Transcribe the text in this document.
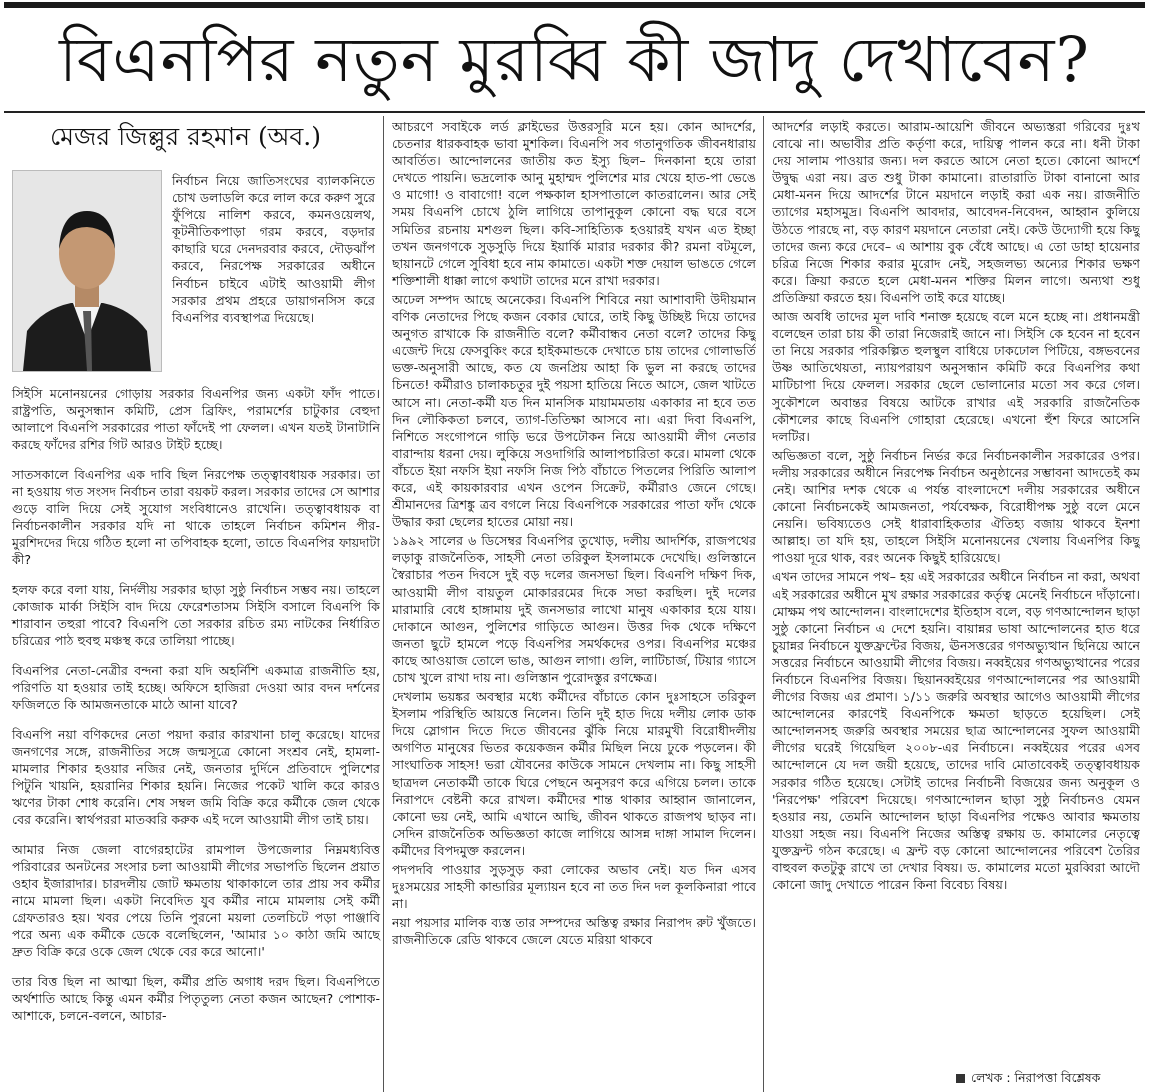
বিএনপির নতুন মুরব্বি কী জাদু দেখাবেন?
মেজর জিল্লুর রহমান (অব.)
নির্বাচন নিয়ে জাতিসংঘের ব্যালকনিতে চোখ ডলাডলি করে লাল করে করুণ সুরে ফুঁপিয়ে নালিশ করবে, কমনওয়েলথ, কূটনীতিকপাড়া গরম করবে, বড়দার কাছারি ঘরে দেনদরবার করবে, দৌড়ঝাঁপ করবে, নিরপেক্ষ সরকারের অধীনে নির্বাচন চাইবে এটাই আওয়ামী লীগ সরকার প্রথম প্রহরে ডায়াগনসিস করে বিএনপির ব্যবস্থাপত্র দিয়েছে।

সিইসি মনোনয়নের গোড়ায় সরকার বিএনপির জন্য একটা ফাঁদ পাতে। রাষ্ট্রপতি, অনুসন্ধান কমিটি, প্রেস ব্রিফিং, পরামর্শের চাটুকার বেহুদা আলাপে বিএনপি সরকারের পাতা ফাঁদেই পা ফেলল। এখন যতই টানাটানি করছে ফাঁদের রশির গিট আরও টাইট হচ্ছে।

সাতসকালে বিএনপির এক দাবি ছিল নিরপেক্ষ তত্ত্বাবধায়ক সরকার। তা না হওয়ায় গত সংসদ নির্বাচন তারা বয়কট করল। সরকার তাদের সে আশার গুড়ে বালি দিয়ে সেই সুযোগ সংবিধানেও রাখেনি। তত্ত্বাবধায়ক বা নির্বাচনকালীন সরকার যদি না থাকে তাহলে নির্বাচন কমিশন পীর-মুরশিদদের দিয়ে গঠিত হলো না তপিবাহক হলো, তাতে বিএনপির ফায়দাটা কী?

হলফ করে বলা যায়, নির্দলীয় সরকার ছাড়া সুষ্ঠু নির্বাচন সম্ভব নয়। তাহলে কোজাক মার্কা সিইসি বাদ দিয়ে ফেরেশতাসম সিইসি বসালে বিএনপি কি শারাবান তহুরা পাবে? বিএনপি তো সরকার রচিত রম্য নাটকের নির্ধারিত চরিত্রের পাঠ হুবহু মঞ্চস্থ করে তালিয়া পাচ্ছে।

বিএনপির নেতা-নেত্রীর বন্দনা করা যদি অহর্নিশি একমাত্র রাজনীতি হয়, পরিণতি যা হওয়ার তাই হচ্ছে। অফিসে হাজিরা দেওয়া আর বদন দর্শনের ফজিলতে কি আমজনতাকে মাঠে আনা যাবে?

বিএনপি নয়া বণিকদের নেতা পয়দা করার কারখানা চালু করেছে। যাদের জনগণের সঙ্গে, রাজনীতির সঙ্গে জন্মসূত্রে কোনো সংশ্রব নেই, হামলা-মামলার শিকার হওয়ার নজির নেই, জনতার দুর্দিনে প্রতিবাদে পুলিশের পিটুনি খায়নি, হয়রানির শিকার হয়নি। নিজের পকেট খালি করে কারও ঋণের টাকা শোধ করেনি। শেষ সম্বল জমি বিক্রি করে কর্মীকে জেল থেকে বের করেনি। স্বার্থপররা মাতব্বরি করুক এই দলে আওয়ামী লীগ তাই চায়।

আমার নিজ জেলা বাগেরহাটের রামপাল উপজেলার নিম্নমধ্যবিত্ত পরিবারের অনটনের সংসার চলা আওয়ামী লীগের সভাপতি ছিলেন প্রয়াত ওহাব ইজারাদার। চারদলীয় জোট ক্ষমতায় থাকাকালে তার প্রায় সব কর্মীর নামে মামলা ছিল। একটা নিবেদিত যুব কর্মীর নামে মামলায় সেই কর্মী গ্রেফতারও হয়। খবর পেয়ে তিনি পুরনো ময়লা তেলচিটে পড়া পাঞ্জাবি পরে অন্য এক কর্মীকে ডেকে বলেছিলেন, 'আমার ১০ কাঠা জমি আছে দ্রুত বিক্রি করে ওকে জেল থেকে বের করে আনো।'

তার বিত্ত ছিল না আত্মা ছিল, কর্মীর প্রতি অগাধ দরদ ছিল। বিএনপিতে অর্থশাতি আছে কিন্তু এমন কর্মীর পিতৃতুল্য নেতা কজন আছেন? পোশাক-আশাকে, চলনে-বলনে, আচার-

আচরণে সবাইকে লর্ড ক্লাইভের উত্তরসূরি মনে হয়। কোন আদর্শের, চেতনার ধারকবাহক ভাবা মুশকিল। বিএনপি সব গতানুগতিক জীবনধারায় আবর্তিত। আন্দোলনের জাতীয় কত ইস্যু ছিল– দিনকানা হয়ে তারা দেখতে পায়নি। ভদ্রলোক আনু মুহাম্মদ পুলিশের মার খেয়ে হাত-পা ভেঙে ও মাগো! ও বাবাগো! বলে পক্ষকাল হাসপাতালে কাতরালেন। আর সেই সময় বিএনপি চোখে ঠুলি লাগিয়ে তাপানুকূল কোনো বদ্ধ ঘরে বসে সমিতির রচনায় মশগুল ছিল। কবি-সাহিত্যিক হওয়ারই যখন এত ইচ্ছা তখন জনগণকে সুড়সুড়ি দিয়ে ইয়ার্কি মারার দরকার কী? রমনা বটমূলে, ছায়ানটে গেলে সুবিধা হবে নাম কামাতে। একটা শক্ত দেয়াল ভাঙতে গেলে শক্তিশালী ধাক্কা লাগে কথাটা তাদের মনে রাখা দরকার।

অঢেল সম্পদ আছে অনেকের। বিএনপি শিবিরে নয়া আশাবাদী উদীয়মান বণিক নেতাদের পিছে কজন বেকার ঘোরে, তাই কিছু উচ্ছিষ্ট দিয়ে তাদের অনুগত রাখাকে কি রাজনীতি বলে? কর্মীবান্ধব নেতা বলে? তাদের কিছু এজেন্ট দিয়ে ফেসবুকিং করে হাইকমান্ডকে দেখাতে চায় তাদের গোলাভর্তি ভক্ত-অনুসারী আছে, কত যে জনপ্রিয় আহা কি ভুল না করছে তাদের চিনতে! কর্মীরাও চালাকচতুর দুই পয়সা হাতিয়ে নিতে আসে, জেল খাটতে আসে না। নেতা-কর্মী যত দিন মানসিক মায়ামমতায় একাকার না হবে তত দিন লৌকিকতা চলবে, ত্যাগ-তিতিক্ষা আসবে না। এরা দিবা বিএনপি, নিশিতে সংগোপনে গাড়ি ভরে উপঢৌকন নিয়ে আওয়ামী লীগ নেতার বারান্দায় ধরনা দেয়। লুকিয়ে সওদাগিরি আলাপচারিতা করে। মামলা থেকে বাঁচতে ইয়া নফসি ইয়া নফসি নিজ পিঠ বাঁচাতে পিতলের পিরিতি আলাপ করে, এই কায়কারবার এখন ওপেন সিক্রেট, কর্মীরাও জেনে গেছে। শ্রীমানদের ত্রিশঙ্কু ত্রব বগলে নিয়ে বিএনপিকে সরকারের পাতা ফাঁদ থেকে উদ্ধার করা ছেলের হাতের মোয়া নয়।

১৯৯২ সালের ৬ ডিসেম্বর বিএনপির তুখোড়, দলীয় আদর্শিক, রাজপথের লড়াকু রাজনৈতিক, সাহসী নেতা তরিকুল ইসলামকে দেখেছি। গুলিস্তানে স্বৈরাচার পতন দিবসে দুই বড় দলের জনসভা ছিল। বিএনপি দক্ষিণ দিক, আওয়ামী লীগ বায়তুল মোকাররমের দিকে সভা করছিল। দুই দলের মারামারি বেধে হাঙ্গামায় দুই জনসভার লাখো মানুষ একাকার হয়ে যায়। দোকানে আগুন, পুলিশের গাড়িতে আগুন। উত্তর দিক থেকে দক্ষিণে জনতা ছুটে হামলে পড়ে বিএনপির সমর্থকদের ওপর। বিএনপির মঞ্চের কাছে আওয়াজ তোলে ভাঙ, আগুন লাগা। গুলি, লাটিচার্জ, টিয়ার গ্যাসে চোখ খুলে রাখা দায় না। গুলিস্তান পুরোদস্তুর রণক্ষেত্র।

দেখলাম ভয়ঙ্কর অবস্থার মধ্যে কর্মীদের বাঁচাতে কোন দুঃসাহসে তরিকুল ইসলাম পরিস্থিতি আয়ত্তে নিলেন। তিনি দুই হাত দিয়ে দলীয় লোক ডাক দিয়ে স্লোগান দিতে দিতে জীবনের ঝুঁকি নিয়ে মারমুখী বিরোধীদলীয় অগণিত মানুষের ভিতর কয়েকজন কর্মীর মিছিল নিয়ে ঢুকে পড়লেন। কী সাংঘাতিক সাহস! ভরা যৌবনের কাউকে সামনে দেখলাম না। কিছু সাহসী ছাত্রদল নেতাকর্মী তাকে ঘিরে পেছনে অনুসরণ করে এগিয়ে চলল। তাকে নিরাপদে বেষ্টনী করে রাখল। কর্মীদের শান্ত থাকার আহ্বান জানালেন, কোনো ভয় নেই, আমি এখানে আছি, জীবন থাকতে রাজপথ ছাড়ব না। সেদিন রাজনৈতিক অভিজ্ঞতা কাজে লাগিয়ে আসন্ন দাঙ্গা সামাল দিলেন। কর্মীদের বিপদমুক্ত করলেন।

পদপদবি পাওয়ার সুড়সুড় করা লোকের অভাব নেই। যত দিন এসব দুঃসময়ের সাহসী কান্ডারির মূল্যায়ন হবে না তত দিন দল কূলকিনারা পাবে না।

নয়া পয়সার মালিক ব্যস্ত তার সম্পদের অস্তিত্ব রক্ষার নিরাপদ রুট খুঁজতে। রাজনীতিকে রেডি থাকবে জেলে যেতে মরিয়া থাকবে

আদর্শের লড়াই করতে। আরাম-আয়েশি জীবনে অভ্যস্তরা গরিবের দুঃখ বোঝে না। অভাবীর প্রতি কর্তৃণা করে, দায়িত্ব পালন করে না। ধনী টাকা দেয় সালাম পাওয়ার জন্য। দল করতে আসে নেতা হতে। কোনো আদর্শে উদ্বুদ্ধ এরা নয়। ব্রত শুধু টাকা কামানো। রাতারাতি টাকা বানানো আর মেধা-মনন দিয়ে আদর্শের টানে ময়দানে লড়াই করা এক নয়। রাজনীতি ত্যাগের মহাসমুদ্র। বিএনপি আবদার, আবেদন-নিবেদন, আহ্বান কুলিয়ে উঠতে পারছে না, বড় কারণ ময়দানে নেতারা নেই। কেউ উদ্যোগী হয়ে কিছু তাদের জন্য করে দেবে– এ আশায় বুক বেঁধে আছে। এ তো ডাহা হায়েনার চরিত্র নিজে শিকার করার মুরোদ নেই, সহজলভ্য অন্যের শিকার ভক্ষণ করে। ক্রিয়া করতে হলে মেধা-মনন শক্তির মিলন লাগে। অন্যথা শুধু প্রতিক্রিয়া করতে হয়। বিএনপি তাই করে যাচ্ছে।

আজ অবধি তাদের মূল দাবি শনাক্ত হয়েছে বলে মনে হচ্ছে না। প্রধানমন্ত্রী বলেছেন তারা চায় কী তারা নিজেরাই জানে না। সিইসি কে হবেন না হবেন তা নিয়ে সরকার পরিকল্পিত হুলস্থুল বাধিয়ে ঢাকঢোল পিটিয়ে, বঙ্গভবনের উষ্ণ আতিথেয়তা, ন্যায়পরায়ণ অনুসন্ধান কমিটি করে বিএনপির কথা মাটিচাপা দিয়ে ফেলল। সরকার ছেলে ভোলানোর মতো সব করে গেল। সুকৌশলে অবান্তর বিষয়ে আটকে রাখার এই সরকারি রাজনৈতিক কৌশলের কাছে বিএনপি গোহারা হেরেছে। এখনো হুঁশ ফিরে আসেনি দলটির।

অভিজ্ঞতা বলে, সুষ্ঠু নির্বাচন নির্ভর করে নির্বাচনকালীন সরকারের ওপর। দলীয় সরকারের অধীনে নিরপেক্ষ নির্বাচন অনুষ্ঠানের সম্ভাবনা আদতেই কম নেই। আশির দশক থেকে এ পর্যন্ত বাংলাদেশে দলীয় সরকারের অধীনে কোনো নির্বাচনকেই আমজনতা, পর্যবেক্ষক, বিরোধীপক্ষ সুষ্ঠু বলে মেনে নেয়নি। ভবিষ্যতেও সেই ধারাবাহিকতার ঐতিহ্য বজায় থাকবে ইনশা আল্লাহ। তা যদি হয়, তাহলে সিইসি মনোনয়নের খেলায় বিএনপির কিছু পাওয়া দূরে থাক, বরং অনেক কিছুই হারিয়েছে।

এখন তাদের সামনে পথ– হয় এই সরকারের অধীনে নির্বাচন না করা, অথবা এই সরকারের অধীনে মুখ রক্ষার সরকারের কর্তৃত্ব মেনেই নির্বাচনে দাঁড়ানো। মোক্ষম পথ আন্দোলন। বাংলাদেশের ইতিহাস বলে, বড় গণআন্দোলন ছাড়া সুষ্ঠু কোনো নির্বাচন এ দেশে হয়নি। বায়ান্নর ভাষা আন্দোলনের হাত ধরে চুয়ান্নর নির্বাচনে যুক্তফ্রন্টের বিজয়, ঊনসত্তরের গণঅভ্যুত্থান ছিনিয়ে আনে সত্তরের নির্বাচনে আওয়ামী লীগের বিজয়। নব্বইয়ের গণঅভ্যুত্থানের পরের নির্বাচনে বিএনপির বিজয়। ছিয়ানব্বইয়ের গণআন্দোলনের পর আওয়ামী লীগের বিজয় এর প্রমাণ। ১/১১ জরুরি অবস্থার আগেও আওয়ামী লীগের আন্দোলনের কারণেই বিএনপিকে ক্ষমতা ছাড়তে হয়েছিল। সেই আন্দোলনসহ জরুরি অবস্থার সময়ের ছাত্র আন্দোলনের সুফল আওয়ামী লীগের ঘরেই গিয়েছিল ২০০৮-এর নির্বাচনে। নব্বইয়ের পরের এসব আন্দোলনে যে দল জয়ী হয়েছে, তাদের দাবি মোতাবেকই তত্ত্বাবধায়ক সরকার গঠিত হয়েছে। সেটাই তাদের নির্বাচনী বিজয়ের জন্য অনুকূল ও 'নিরপেক্ষ' পরিবেশ দিয়েছে। গণআন্দোলন ছাড়া সুষ্ঠু নির্বাচনও যেমন হওয়ার নয়, তেমনি আন্দোলন ছাড়া বিএনপির পক্ষেও আবার ক্ষমতায় যাওয়া সহজ নয়। বিএনপি নিজের অস্তিত্ব রক্ষায় ড. কামালের নেতৃত্বে যুক্তফ্রন্ট গঠন করেছে। এ ফ্রন্ট বড় কোনো আন্দোলনের পরিবেশ তৈরির বাহুবল কতটুকু রাখে তা দেখার বিষয়। ড. কামালের মতো মুরব্বিরা আদৌ কোনো জাদু দেখাতে পারেন কিনা বিবেচ্য বিষয়।

লেখক : নিরাপত্তা বিশ্লেষক
